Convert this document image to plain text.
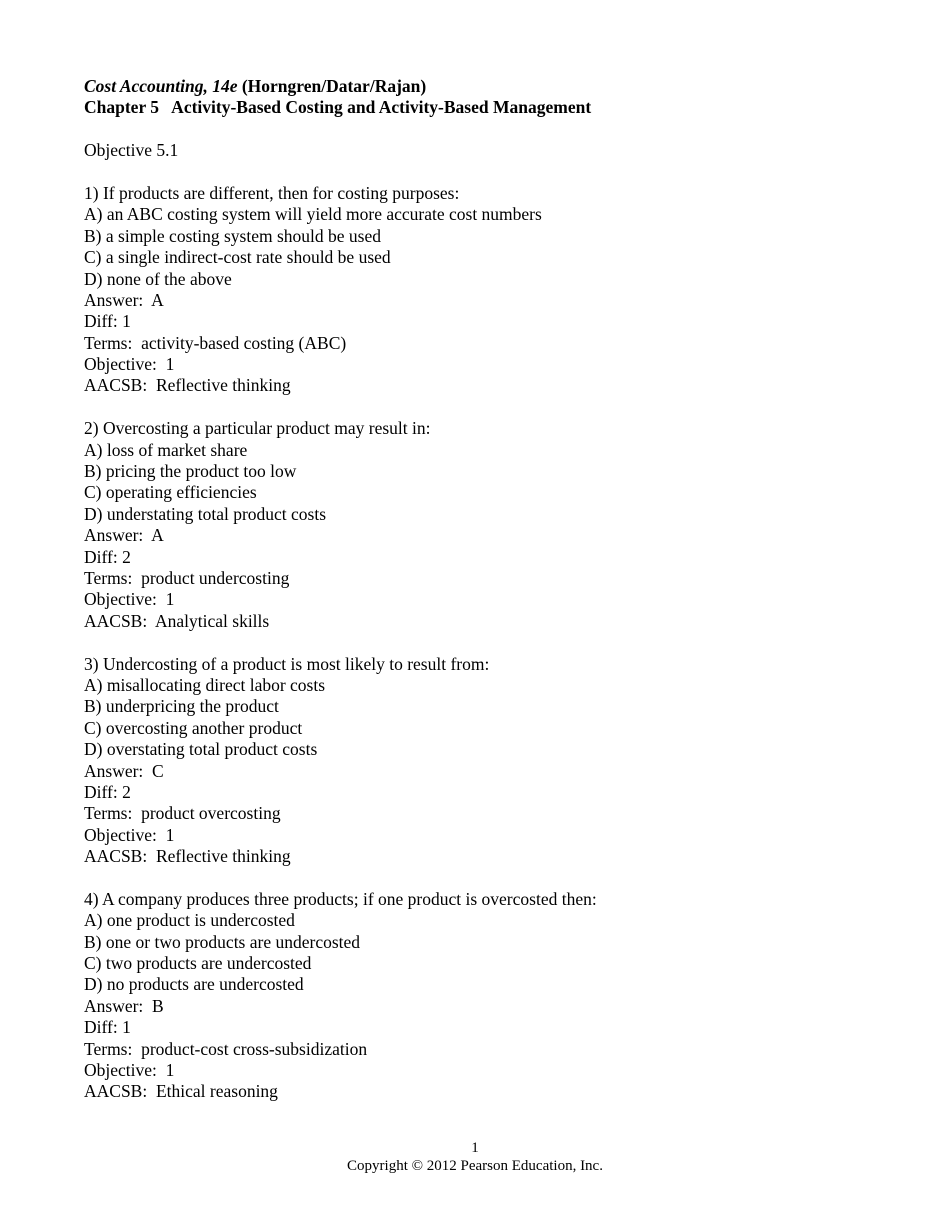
Cost Accounting, 14e (Horngren/Datar/Rajan)
Chapter 5   Activity-Based Costing and Activity-Based Management
Objective 5.1
1) If products are different, then for costing purposes:
A) an ABC costing system will yield more accurate cost numbers
B) a simple costing system should be used
C) a single indirect-cost rate should be used
D) none of the above
Answer:  A
Diff: 1
Terms:  activity-based costing (ABC)
Objective:  1
AACSB:  Reflective thinking
2) Overcosting a particular product may result in:
A) loss of market share
B) pricing the product too low
C) operating efficiencies
D) understating total product costs
Answer:  A
Diff: 2
Terms:  product undercosting
Objective:  1
AACSB:  Analytical skills
3) Undercosting of a product is most likely to result from:
A) misallocating direct labor costs
B) underpricing the product
C) overcosting another product
D) overstating total product costs
Answer:  C
Diff: 2
Terms:  product overcosting
Objective:  1
AACSB:  Reflective thinking
4) A company produces three products; if one product is overcosted then:
A) one product is undercosted
B) one or two products are undercosted
C) two products are undercosted
D) no products are undercosted
Answer:  B
Diff: 1
Terms:  product-cost cross-subsidization
Objective:  1
AACSB:  Ethical reasoning
1
Copyright © 2012 Pearson Education, Inc.
